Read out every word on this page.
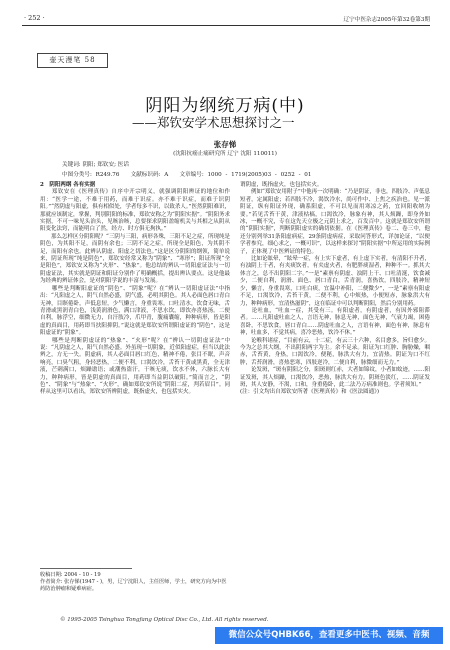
· 252 ·	辽宁中医杂志2005年第32卷第3期
壶天漫笔 58
阴阳为纲统万病(中)
——郑钦安学术思想探讨之一
张存悌
(沈阳抗癌止痛研究所 辽宁 沈阳 110011)
关键词: 阴阳; 郑钦安; 医话
中图分类号: R249.76　　文献标识码: A　　文章编号: 1000 - 1719(2005)03 - 0252 - 01

2　阴阳两纲 各有实据

　　郑钦安在《医理真传》自序中开宗明义，就强调阴阳辨证的地位和作用：“医学一途，不难于用药，而难于识症。亦不难于识症，而难于识阴阳。”“然阴虚与阳虚，俱有相似处，学者每多不识，以致杀人。”医然阴阳难识，那就应该制定，掌握，判别阴阳的标准，郑钦安称之为“阴阳实据”。“阴阳务求实据，不可一味见头治头，见咳治咳，总要探求阴阳盈缩机关与其相之从阴从阳变化法窍，而能明白了然，经方、时方俱无拘执。”

　　那么怎样区分阴阳呢？“三阴与三阳，病形各殊，三阳不足之症，所现纯是阴色，为其阳不足，而阴有余也；三阴不足之症，所现全是阳色，为其阴不足，而阳有余也。此辨认阴虚、阳虚之切法也。”这是区分阴阳的纲领，简单说来，阴证所现“纯是阴色”，郑钦安经常又称为“阴象”、“寒形”；阳证所现“全是阳色”，郑钦安又称为“火形”、“热象”。他总结的辨认一切阳虚证法与一切阴虚证法，其实就是阴证和阳证分别作了明确概括，提出辨认要点。这是他最为经典的辨证体会，是对阴阳学说的丰富与发展。

　　哪些是判断阳虚证的“阴色”、“阴象”呢？在“辨认一切阳虚证法”中指出：“凡阳虚之人，阴气自然必盛，阴气盛，必明其阴色。其人必面色唇口青白无神，目瞑倦卧，声低息短，少气懒言，身重畏寒。口吐清水，饮食无味，舌青滑或黑润青白色，浅黄润滑色，满口津液，不思水饮，即饮亦喜热汤。二便自利，脉浮空，细微无力，自汗肢冷，爪甲青，腹痛囊缩，种种病形，皆是阳虚的真面目，用药即当扶阳抑阴。”说这就是郑钦安所谓阳虚证的“阴色”，这是阳虚证的“阴象”。

　　哪些是判断阴虚证的“热象”、“火形”呢？在“辨认一切阴虚证法”中说：“凡阴虚之人，阳气自然必盛。外虽现一切阴象，近似阳虚症，但当以此法辨之，方无一失。阴虚病，其人必面目唇口红色，精神不倦，张目不眠，声音响亮，口臭气粗，身轻恶热，二便不利，口渴饮冷，舌苔干黄或黑黄，全无津液，芒刺满口，烦躁谵语；或潮热盗汗，干咳无痰，饮水不休，六脉长大有力，种种病形，皆是阴虚的真面目，用药即当益阴以破阳。”简而言之，“阴色”、“阴象”与“热象”、“火形”，确如郑钦安所说“阴阳二症，判若眉目”。同样从这里可以看出，郑钦安所辨阴虚，既指虚火，也包括实火。

谓阴虚，既指虚火，也包括实火。

　　例如“郑钦安用附子”中他再一次明确：“乃是阴证，非也，四肢冷、声低息短者，定属阳虚；若四肢不冷，渴饮冷水，尚可作中、上焦之疾治也。见一派阴证，纵有阳证外现，确系阳虚，不可以见而用寒凉之药，宜回阳收纳为要。”若见舌苔干黄，津液枯槁，口渴饮冷，脉象有神，其人烦躁，即身外如冰，一概不究，专在这先天立极之元阴上求之，百发百中。这就是郑钦安所谓的“阴阳实据”，判断阴阳虚实的确切依据。在《医理真传》卷二、卷三中，他还分别列举31条阳虚病症，29条阴虚病症，采取问答形式，详加论证，“以便学者参究，细心求之，一概可识”，以这样来探讨“阴阳实据”中所运用的实际例子，正体现了中医辨证的特色。

　　比如论眩晕，“眩晕一症，有上实下虚者，有上虚下实者，有清阳不升者，有浊阴上干者，有夹痰饮者，有夹虚火者，有肥胖痰湿者，种种不一。抓其大体言之，总不出阴阳二字。”一是“素禀有阴虚、浊阴上干、口吐清涎，饮食减少，二便自利，润滑、面色、唇口青白，舌青润，喜热饮，四肢冷，精神短少，懒言，身重畏寒，口吐白痰，宜温中补阳，二便微少”，一是“素禀有阳虚不足，口渴饮冷，舌苔干黄，二便不利，心中烦热，小便短赤，脉象洪大有力，种种病形，宜清热滋阴”，这在临证中可以判断阴阳，然后分别用药。

　　论吐血，“吐血一症，其受有三。有阳虚者，有阴虚者，有因外邪阻滞者。……凡阳虚吐血之人，言语无神，脉息无神，面色无神，气衰力竭，困倦喜卧，不思饮食，唇口青白……阴虚吐血之人，言语有神，面色有神，脉息有神，吐血多，不觉其病，喜冷恶热，饮冷不休。”

　　论喉科诸症，“目前有云，十二症，有云三十六种，名目愈多，旨归愈少。今为之总其大纲，不出阴阳两字为主。余不足录。阳证为口红肿、胸胁燥，咽赤，舌苔黄，身热，口渴饮冷，便秘，脉洪大有力，宜清热。阴证为口不红肿，舌苔润滑，喜热恶寒，四肢逆冷，二便自利，脉微细而无力。”

　　论发斑，“斑有阴阳之分，阳斑则红赤，大者如锦纹，小者如蚊迹，……阳证发斑，其人烦躁，口渴饮冷，恶热，脉洪大有力。阴斑色淡红，……阴证发斑，其人安静，不渴，口和，身重倦卧，此二法乃万病准则也。学者须知。”

(注：引文均出自郑钦安所著《医理真传》和《医法圆通》)

收稿日期: 2004 - 10 - 19
作者简介: 张存悌(1947 - )，男，辽宁沈阳人，主任医师，学士，研究方向为中医药防治肿瘤和疑难病症。
© 1995-2005 Tsinghua Tongfang Optical Disc Co., Ltd. All rights reserved.
微信公众号QHBK66，查看更多中医书、视频、音频
